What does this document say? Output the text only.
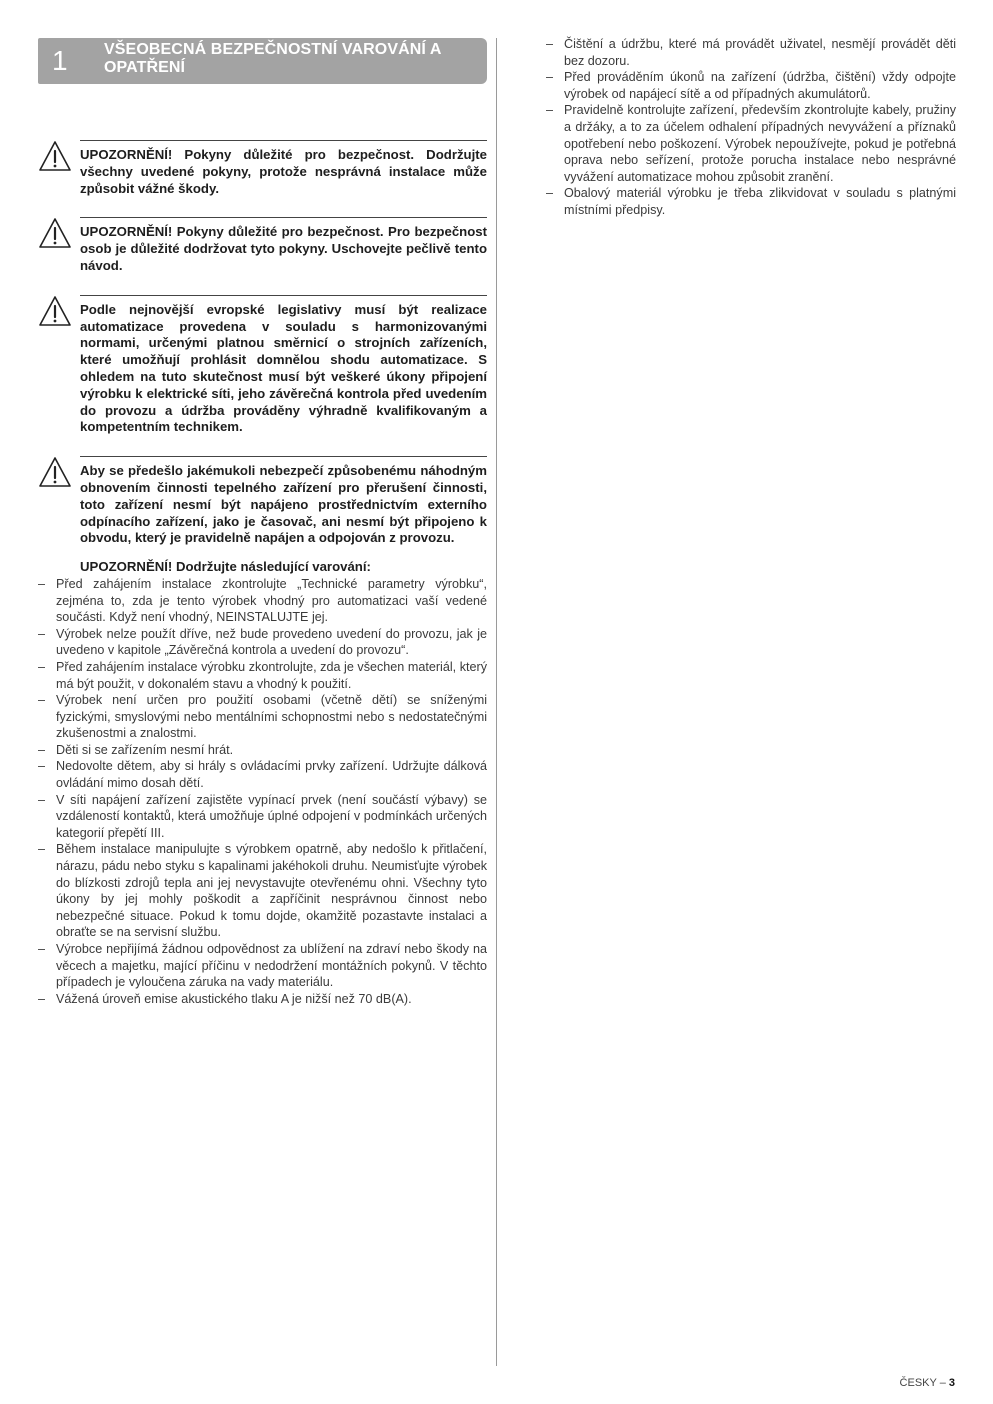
1 VŠEOBECNÁ BEZPEČNOSTNÍ VAROVÁNÍ A OPATŘENÍ
UPOZORNĚNÍ! Pokyny důležité pro bezpečnost. Dodržujte všechny uvedené pokyny, protože nesprávná instalace může způsobit vážné škody.
UPOZORNĚNÍ! Pokyny důležité pro bezpečnost. Pro bezpečnost osob je důležité dodržovat tyto pokyny. Uschovejte pečlivě tento návod.
Podle nejnovější evropské legislativy musí být realizace automatizace provedena v souladu s harmonizovanými normami, určenými platnou směrnicí o strojních zařízeních, které umožňují prohlásit domnělou shodu automatizace. S ohledem na tuto skutečnost musí být veškeré úkony připojení výrobku k elektrické síti, jeho závěrečná kontrola před uvedením do provozu a údržba prováděny výhradně kvalifikovaným a kompetentním technikem.
Aby se předešlo jakémukoli nebezpečí způsobenému náhodným obnovením činnosti tepelného zařízení pro přerušení činnosti, toto zařízení nesmí být napájeno prostřednictvím externího odpínacího zařízení, jako je časovač, ani nesmí být připojeno k obvodu, který je pravidelně napájen a odpojován z provozu.
UPOZORNĚNÍ! Dodržujte následující varování:
– Před zahájením instalace zkontrolujte „Technické parametry výrobku“, zejména to, zda je tento výrobek vhodný pro automatizaci vaší vedené součásti. Když není vhodný, NEINSTALUJTE jej.
– Výrobek nelze použít dříve, než bude provedeno uvedení do provozu, jak je uvedeno v kapitole „Závěrečná kontrola a uvedení do provozu“.
– Před zahájením instalace výrobku zkontrolujte, zda je všechen materiál, který má být použit, v dokonalém stavu a vhodný k použití.
– Výrobek není určen pro použití osobami (včetně dětí) se sníženými fyzickými, smyslovými nebo mentálními schopnostmi nebo s nedostatečnými zkušenostmi a znalostmi.
– Děti si se zařízením nesmí hrát.
– Nedovolte dětem, aby si hrály s ovládacími prvky zařízení. Udržujte dálková ovládání mimo dosah dětí.
– V síti napájení zařízení zajistěte vypínací prvek (není součástí výbavy) se vzdáleností kontaktů, která umožňuje úplné odpojení v podmínkách určených kategorií přepětí III.
– Během instalace manipulujte s výrobkem opatrně, aby nedošlo k přitlačení, nárazu, pádu nebo styku s kapalinami jakéhokoli druhu. Neumisťujte výrobek do blízkosti zdrojů tepla ani jej nevystavujte otevřenému ohni. Všechny tyto úkony by jej mohly poškodit a zapříčinit nesprávnou činnost nebo nebezpečné situace. Pokud k tomu dojde, okamžitě pozastavte instalaci a obraťte se na servisní službu.
– Výrobce nepřijímá žádnou odpovědnost za ublížení na zdraví nebo škody na věcech a majetku, mající příčinu v nedodržení montážních pokynů. V těchto případech je vyloučena záruka na vady materiálu.
– Vážená úroveň emise akustického tlaku A je nižší než 70 dB(A).
– Čištění a údržbu, které má provádět uživatel, nesmějí provádět děti bez dozoru.
– Před prováděním úkonů na zařízení (údržba, čištění) vždy odpojte výrobek od napájecí sítě a od případných akumulátorů.
– Pravidelně kontrolujte zařízení, především zkontrolujte kabely, pružiny a držáky, a to za účelem odhalení případných nevyvážení a příznaků opotřebení nebo poškození. Výrobek nepoužívejte, pokud je potřebná oprava nebo seřízení, protože porucha instalace nebo nesprávné vyvážení automatizace mohou způsobit zranění.
– Obalový materiál výrobku je třeba zlikvidovat v souladu s platnými místními předpisy.
ČESKY – 3
